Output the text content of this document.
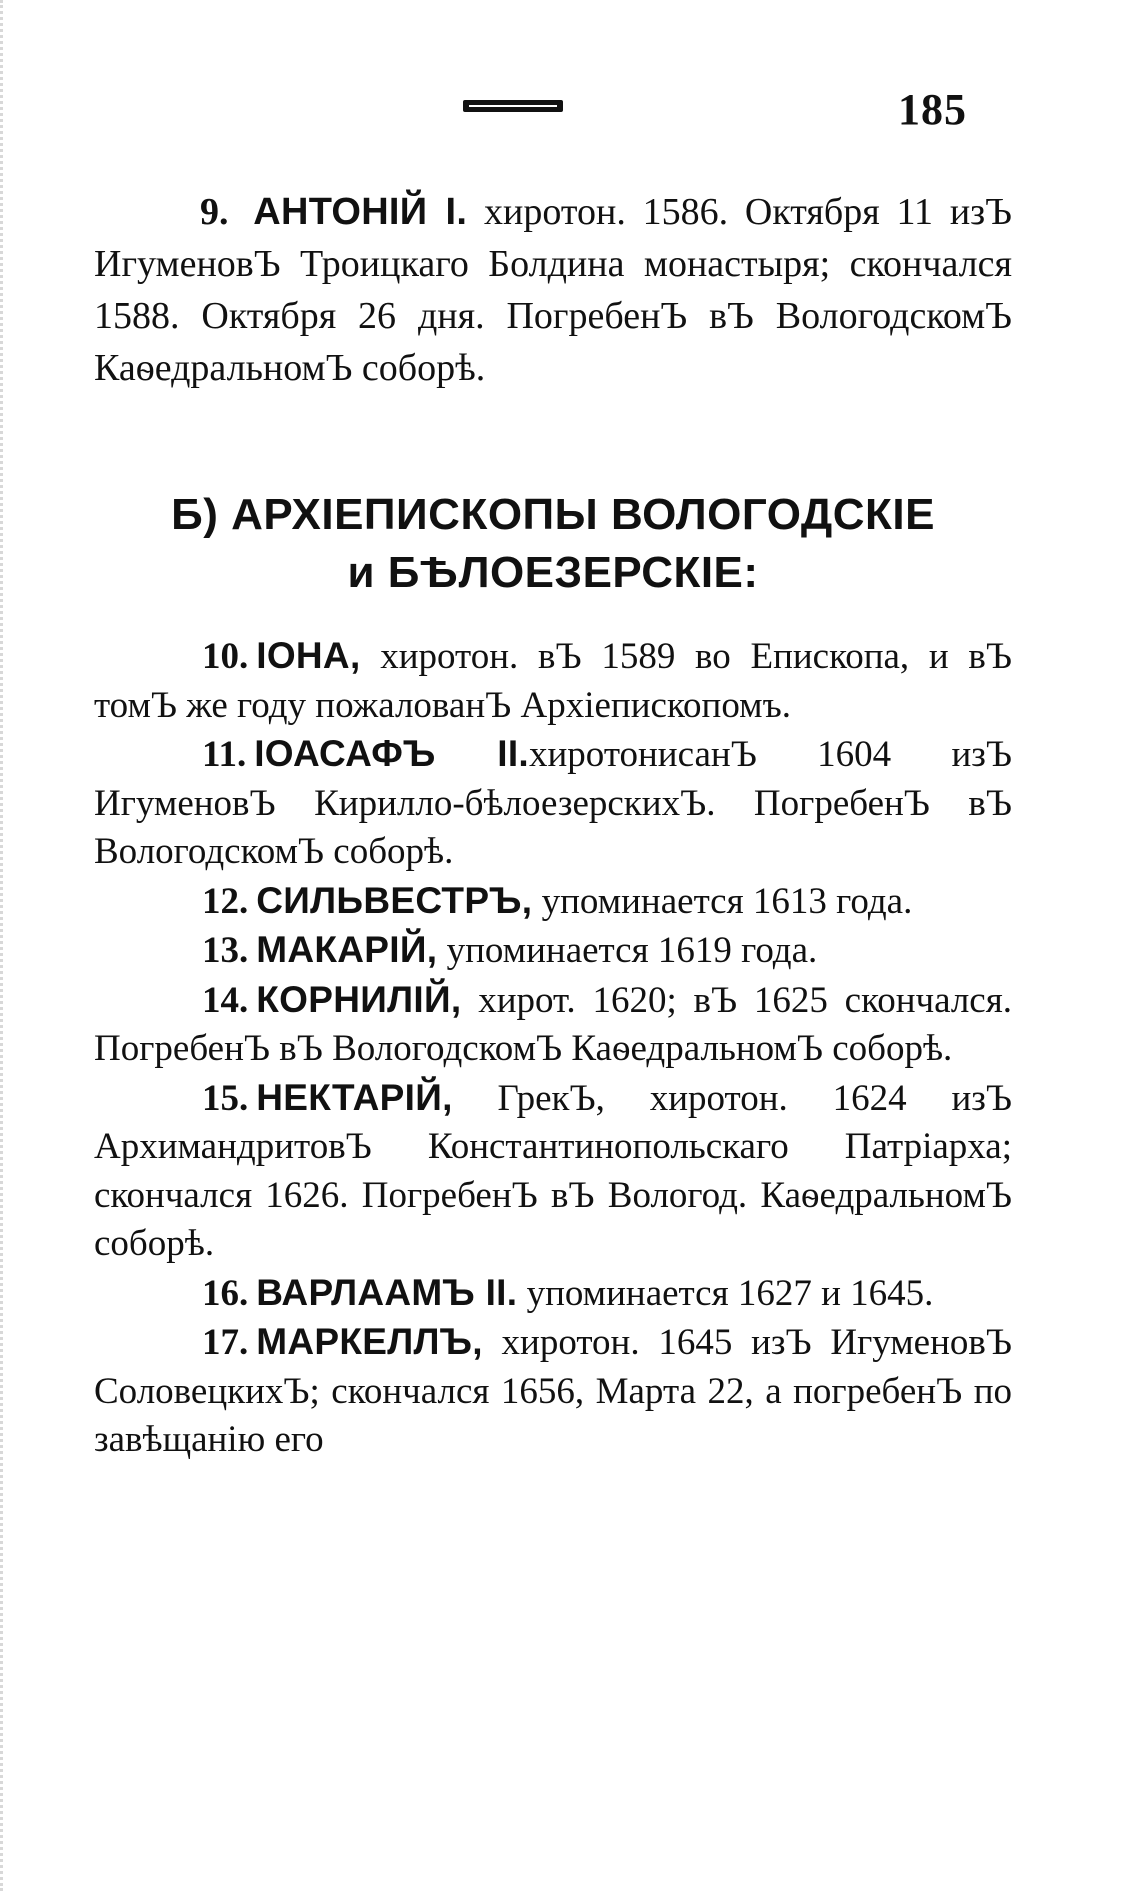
185
9. АНТОНІЙ І. хиротон. 1586. Октября 11 изЪ ИгуменовЪ Троицкаго Болдина монастыря; скончался 1588. Октября 26 дня. ПогребенЪ вЪ ВологодскомЪ КаѳедральномЪ соборѣ.
Б) АРХІЕПИСКОПЫ ВОЛОГОДСКІЕ
и БѢЛОЕЗЕРСКІЕ:

10. ІОНА, хиротон. вЪ 1589 во Епископа, и вЪ томЪ же году пожалованЪ Архіепископомъ.

11. ІОАСАФЪ ІІ.хиротонисанЪ 1604 изЪ ИгуменовЪ Кирилло-бѣлоезерскихЪ. ПогребенЪ вЪ ВологодскомЪ соборѣ.

12. СИЛЬВЕСТРЪ, упоминается 1613 года.

13. МАКАРІЙ, упоминается 1619 года.

14. КОРНИЛІЙ, хирот. 1620; вЪ 1625 скончался. ПогребенЪ вЪ ВологодскомЪ КаѳедральномЪ соборѣ.

15. НЕКТАРІЙ, ГрекЪ, хиротон. 1624 изЪ АрхимандритовЪ Константинопольскаго Патріарха; скончался 1626. ПогребенЪ вЪ Вологод. КаѳедральномЪ соборѣ.

16. ВАРЛААМЪ ІІ. упоминается 1627 и 1645.

17. МАРКЕЛЛЪ, хиротон. 1645 изЪ ИгуменовЪ СоловецкихЪ; скончался 1656, Марта 22, а погребенЪ по завѣщанію его
